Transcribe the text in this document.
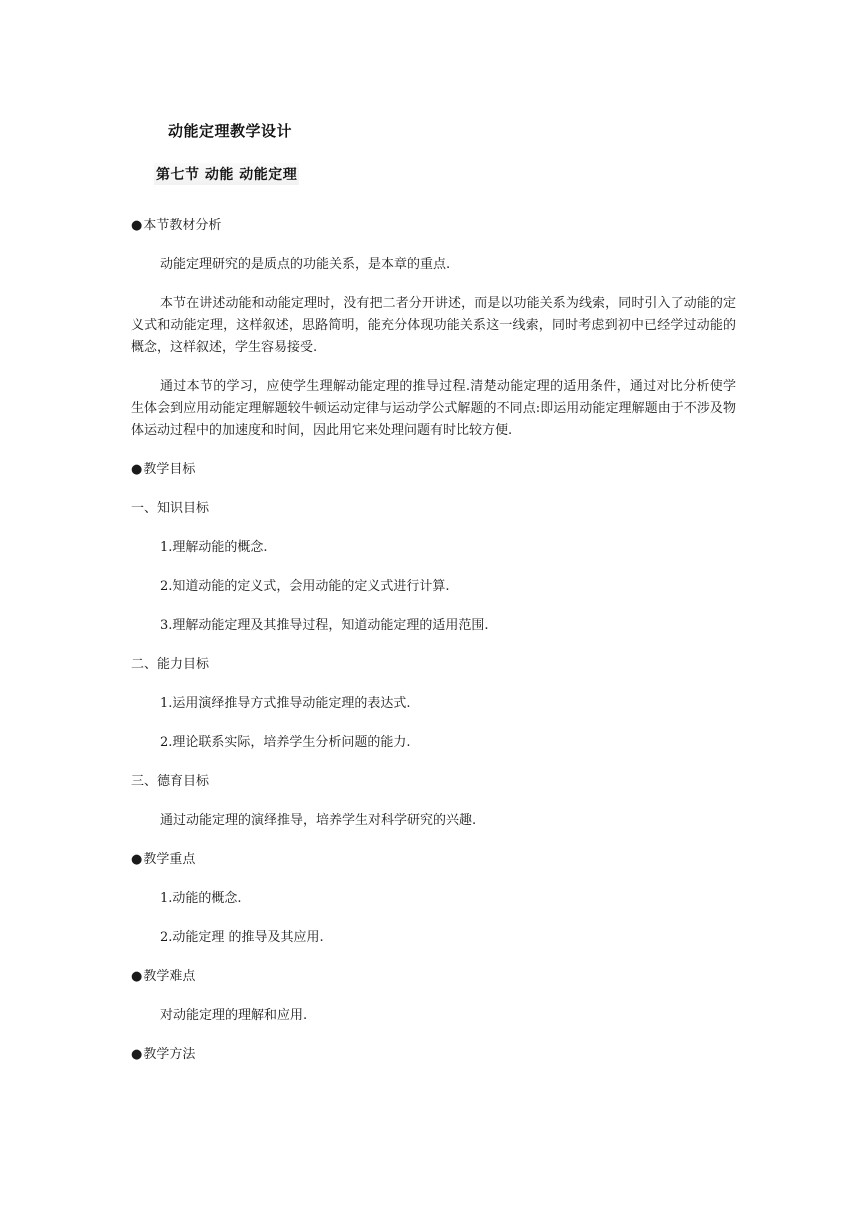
动能定理教学设计
第七节 动能 动能定理
●本节教材分析
动能定理研究的是质点的功能关系，是本章的重点.
本节在讲述动能和动能定理时，没有把二者分开讲述，而是以功能关系为线索，同时引入了动能的定义式和动能定理，这样叙述，思路简明，能充分体现功能关系这一线索，同时考虑到初中已经学过动能的概念，这样叙述，学生容易接受.
通过本节的学习，应使学生理解动能定理的推导过程.清楚动能定理的适用条件，通过对比分析使学生体会到应用动能定理解题较牛顿运动定律与运动学公式解题的不同点:即运用动能定理解题由于不涉及物体运动过程中的加速度和时间，因此用它来处理问题有时比较方便.
●教学目标
一、知识目标
1.理解动能的概念.
2.知道动能的定义式，会用动能的定义式进行计算.
3.理解动能定理及其推导过程，知道动能定理的适用范围.
二、能力目标
1.运用演绎推导方式推导动能定理的表达式.
2.理论联系实际，培养学生分析问题的能力.
三、德育目标
通过动能定理的演绎推导，培养学生对科学研究的兴趣.
●教学重点
1.动能的概念.
2.动能定理 的推导及其应用.
●教学难点
对动能定理的理解和应用.
●教学方法
